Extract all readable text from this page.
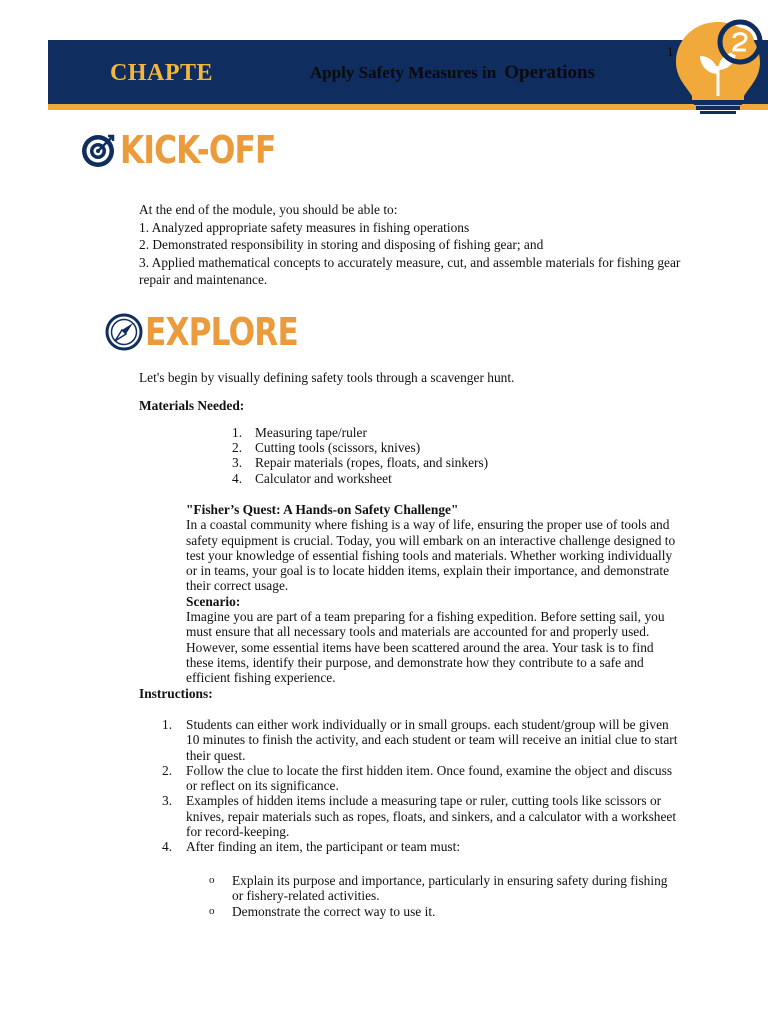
CHAPTE	Apply Safety Measures in Operations
1
KICK-OFF
At the end of the module, you should be able to:
1. Analyzed appropriate safety measures in fishing operations
2. Demonstrated responsibility in storing and disposing of fishing gear; and
3. Applied mathematical concepts to accurately measure, cut, and assemble materials for fishing gear repair and maintenance.
EXPLORE
Let's begin by visually defining safety tools through a scavenger hunt.
Materials Needed:
1. Measuring tape/ruler
2. Cutting tools (scissors, knives)
3. Repair materials (ropes, floats, and sinkers)
4. Calculator and worksheet
"Fisher’s Quest: A Hands-on Safety Challenge"
In a coastal community where fishing is a way of life, ensuring the proper use of tools and safety equipment is crucial. Today, you will embark on an interactive challenge designed to test your knowledge of essential fishing tools and materials. Whether working individually or in teams, your goal is to locate hidden items, explain their importance, and demonstrate their correct usage.
Scenario:
Imagine you are part of a team preparing for a fishing expedition. Before setting sail, you must ensure that all necessary tools and materials are accounted for and properly used. However, some essential items have been scattered around the area. Your task is to find these items, identify their purpose, and demonstrate how they contribute to a safe and efficient fishing experience.
Instructions:
1. Students can either work individually or in small groups. each student/group will be given 10 minutes to finish the activity, and each student or team will receive an initial clue to start their quest.
2. Follow the clue to locate the first hidden item. Once found, examine the object and discuss or reflect on its significance.
3. Examples of hidden items include a measuring tape or ruler, cutting tools like scissors or knives, repair materials such as ropes, floats, and sinkers, and a calculator with a worksheet for record-keeping.
4. After finding an item, the participant or team must:
o Explain its purpose and importance, particularly in ensuring safety during fishing or fishery-related activities.
o Demonstrate the correct way to use it.
